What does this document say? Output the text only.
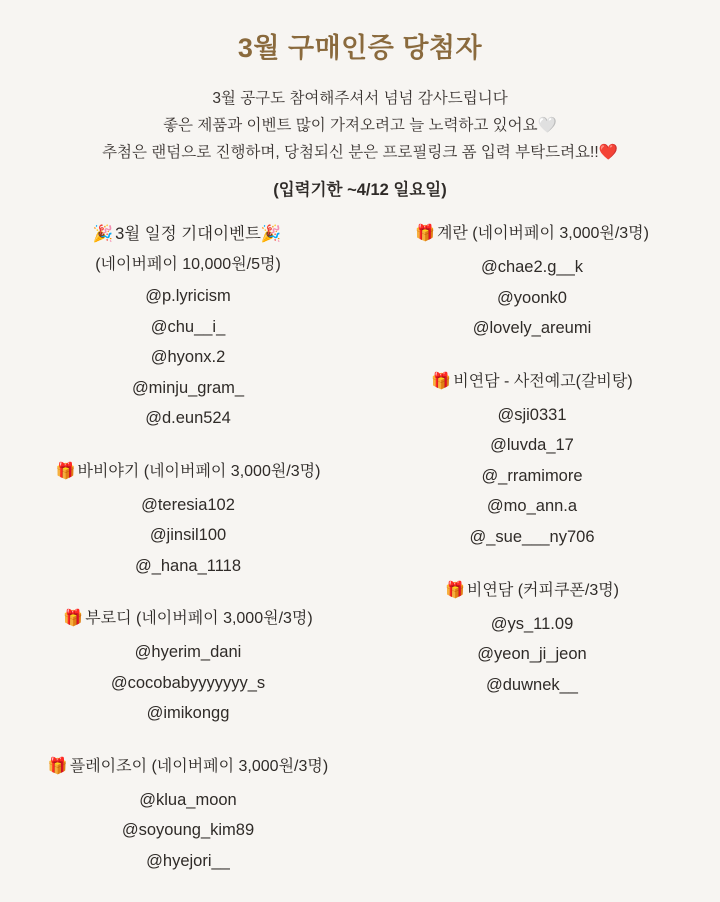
3월 구매인증 당첨자
3월 공구도 참여해주셔서 넘넘 감사드립니다
좋은 제품과 이벤트 많이 가져오려고 늘 노력하고 있어요🤍
추첨은 랜덤으로 진행하며, 당첨되신 분은 프로필링크 폼 입력 부탁드려요!!❤️
(입력기한 ~4/12 일요일)
🎉 3월 일정 기대이벤트🎉
(네이버페이 10,000원/5명)
@p.lyricism
@chu__i_
@hyonx.2
@minju_gram_
@d.eun524
🎁 바비야기 (네이버페이 3,000원/3명)
@teresia102
@jinsil100
@_hana_1118
🎁 부로디 (네이버페이 3,000원/3명)
@hyerim_dani
@cocobabyyyyyyy_s
@imikongg
🎁 플레이조이 (네이버페이 3,000원/3명)
@klua_moon
@soyoung_kim89
@hyejori__
🎁 계란 (네이버페이 3,000원/3명)
@chae2.g__k
@yoonk0
@lovely_areumi
🎁 비연담 - 사전예고(갈비탕)
@sji0331
@luvda_17
@_rramimore
@mo_ann.a
@_sue___ny706
🎁 비연담 (커피쿠폰/3명)
@ys_11.09
@yeon_ji_jeon
@duwnek__
